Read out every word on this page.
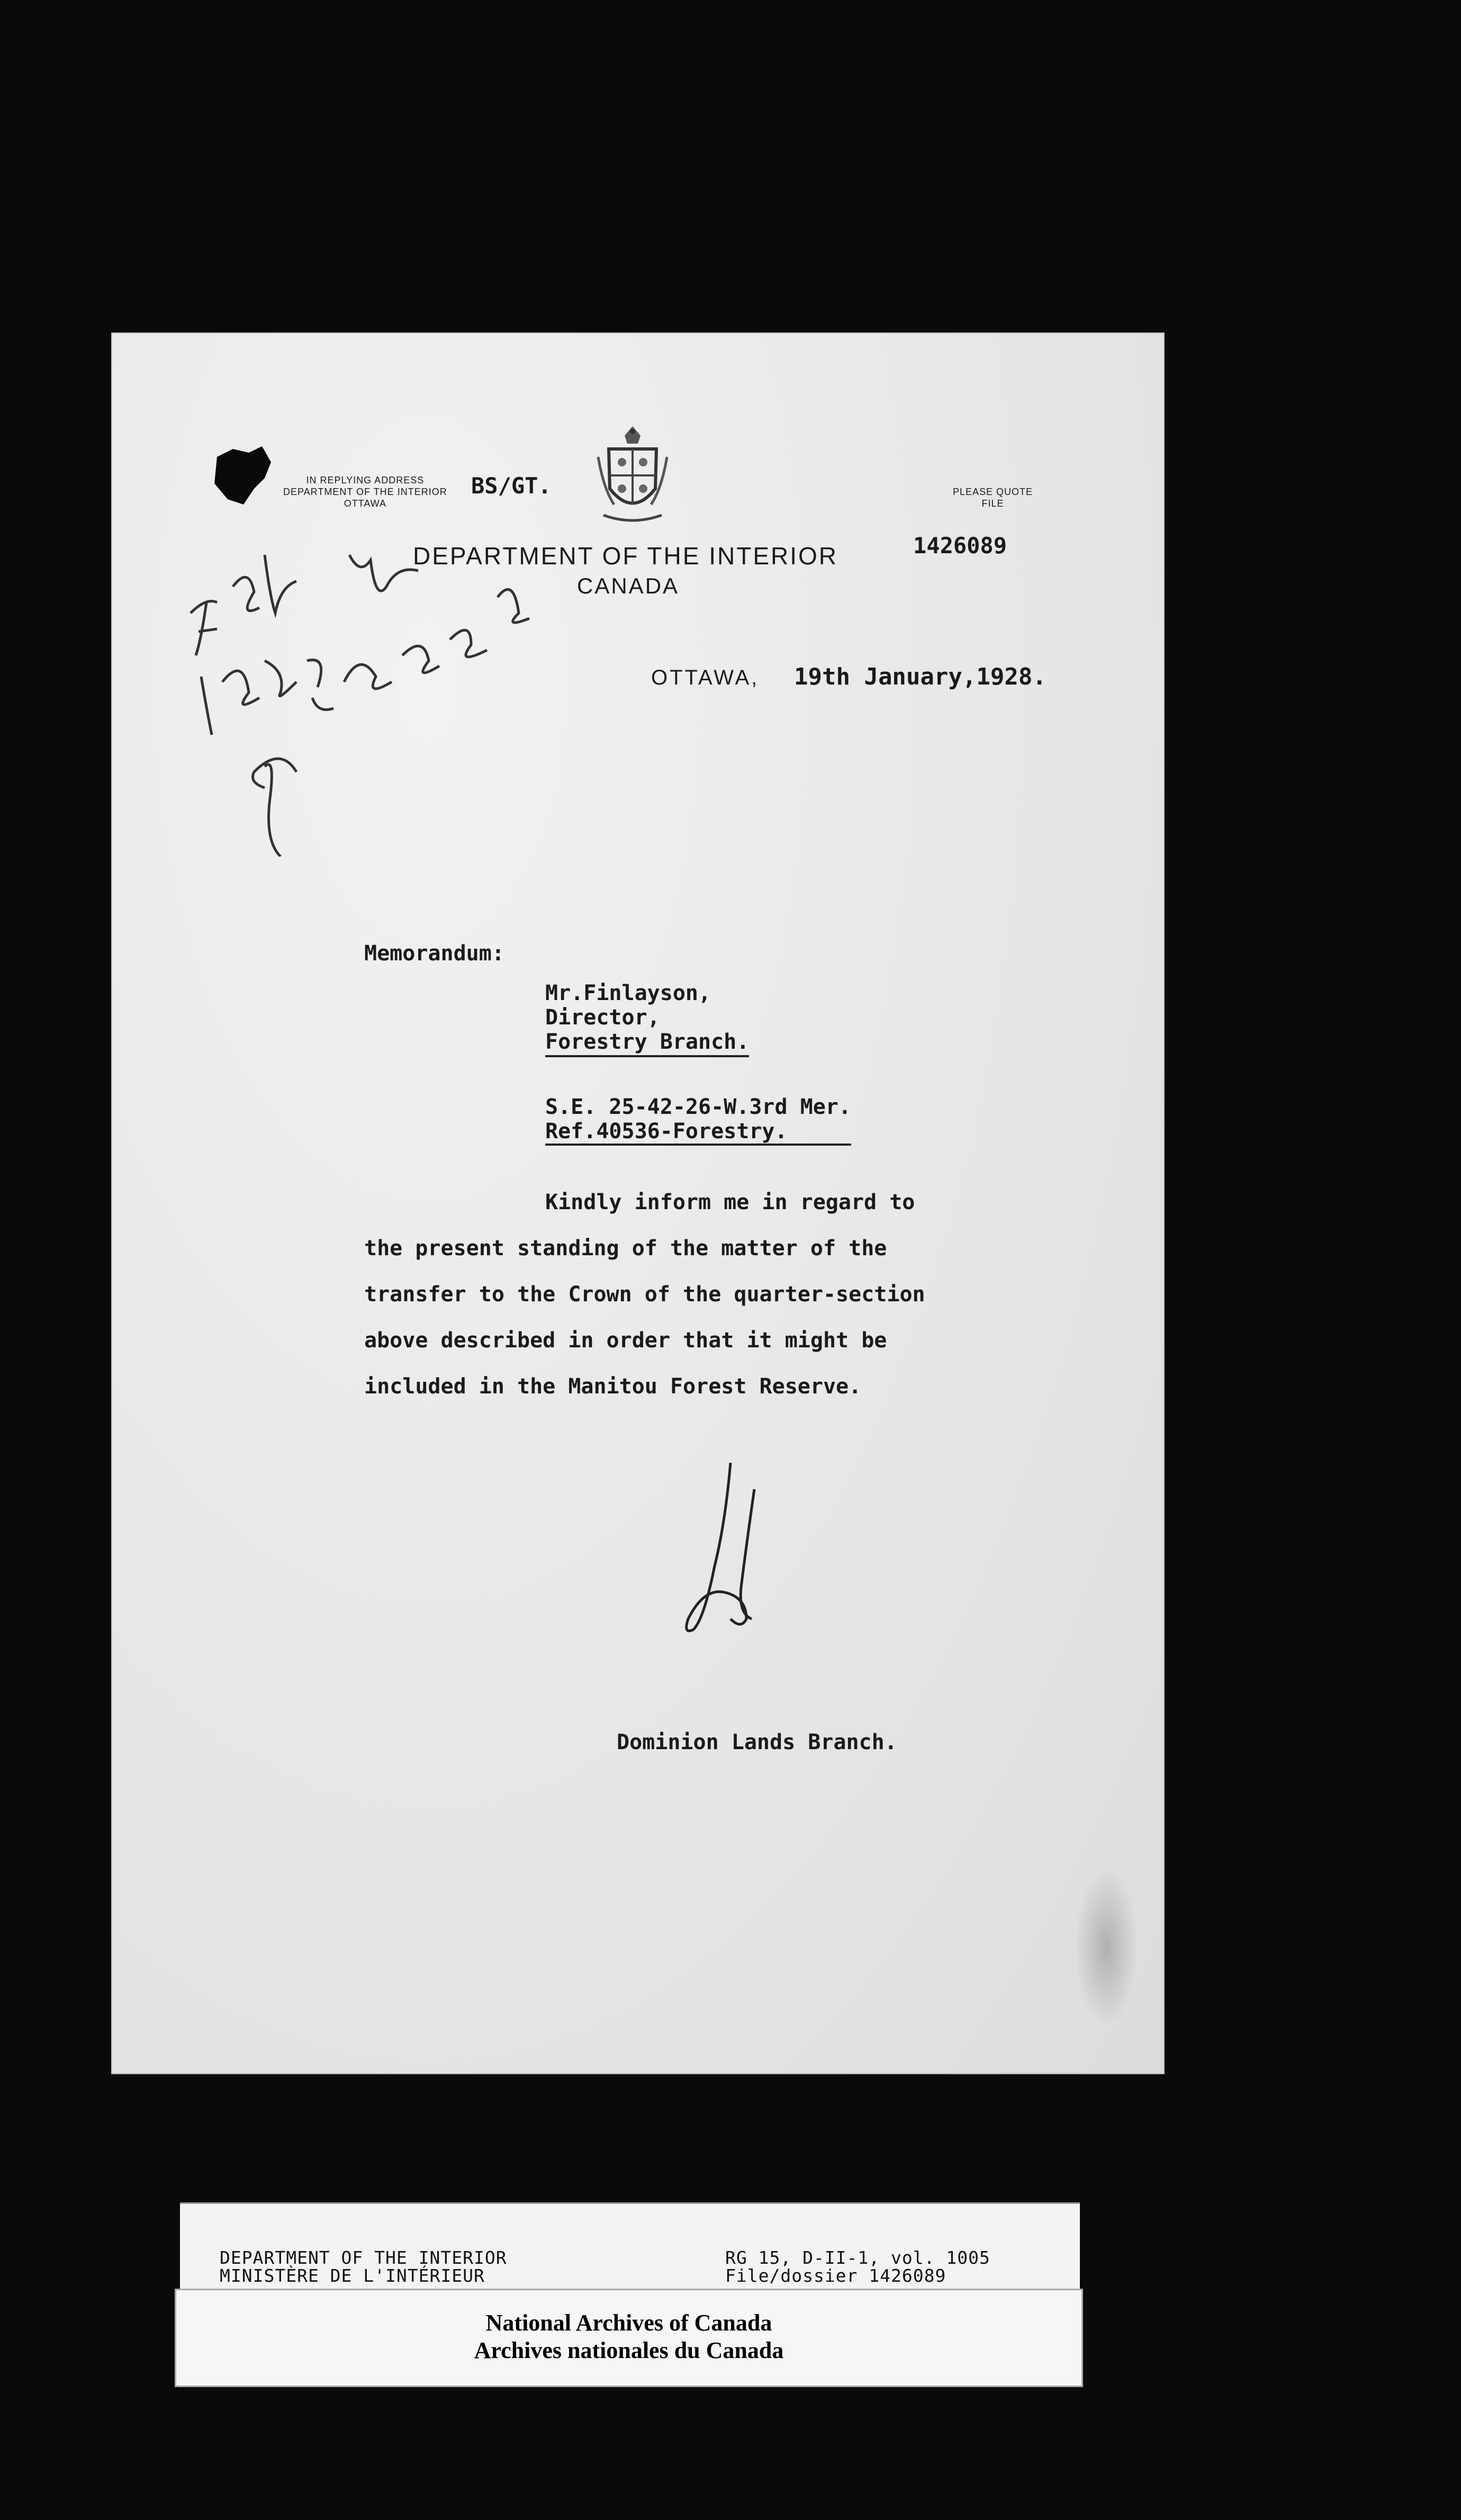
IN REPLYING ADDRESS
DEPARTMENT OF THE INTERIOR
OTTAWA
BS/GT.	PLEASE QUOTE
FILE
1426089
DEPARTMENT OF THE INTERIOR
CANADA
OTTAWA, 19th January,1928.
Memorandum:
Mr.Finlayson,
Director,
Forestry Branch.
S.E. 25-42-26-W.3rd Mer.
Ref.40536-Forestry.
Kindly inform me in regard to
the present standing of the matter of the
transfer to the Crown of the quarter-section
above described in order that it might be
included in the Manitou Forest Reserve.
Dominion Lands Branch.
DEPARTMENT OF THE INTERIOR
MINISTÈRE DE L'INTÉRIEUR
RG 15, D-II-1, vol. 1005
File/dossier 1426089
National Archives of Canada
Archives nationales du Canada
